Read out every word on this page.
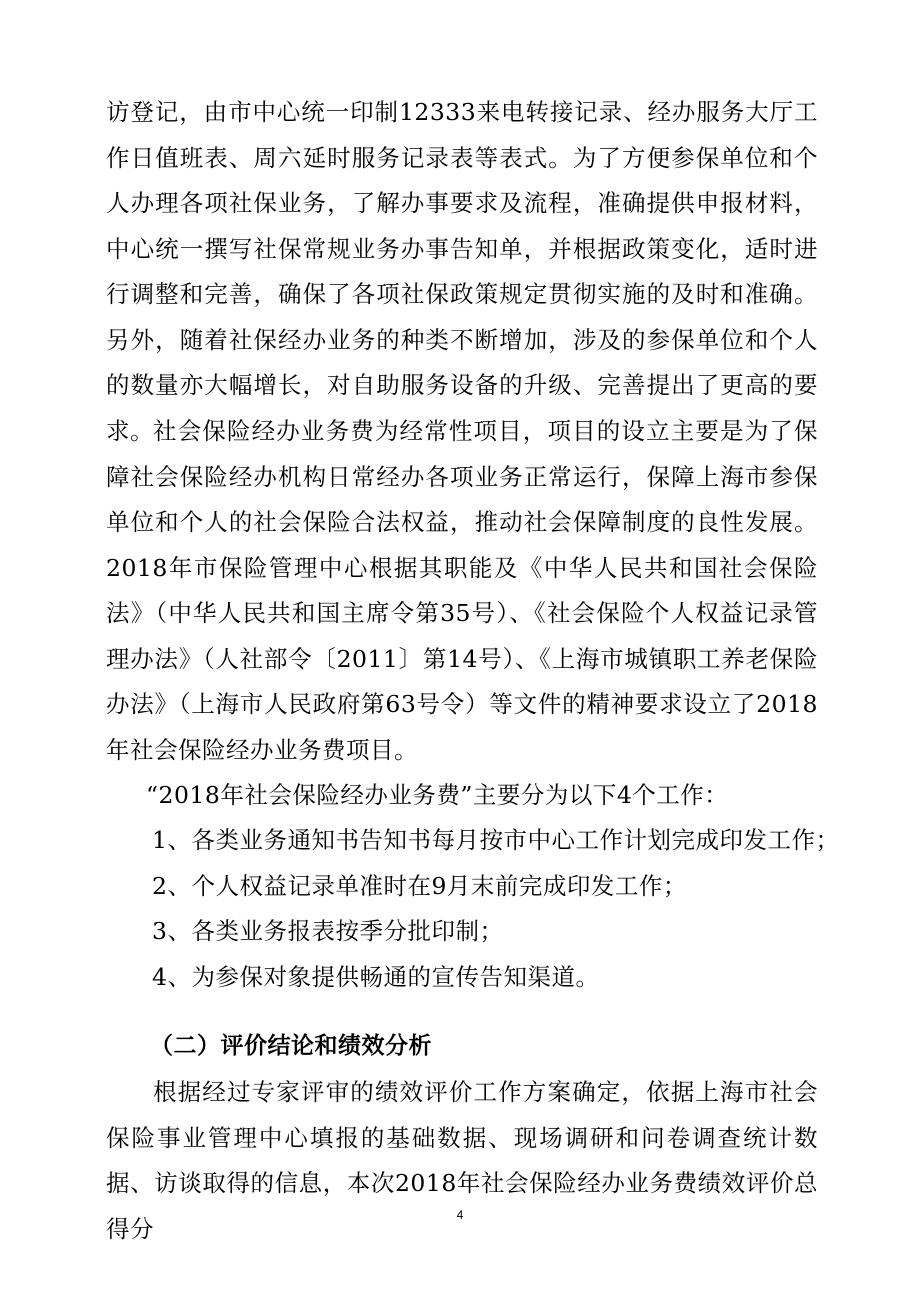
访登记，由市中心统一印制12333来电转接记录、经办服务大厅工作日值班表、周六延时服务记录表等表式。为了方便参保单位和个人办理各项社保业务，了解办事要求及流程，准确提供申报材料，中心统一撰写社保常规业务办事告知单，并根据政策变化，适时进行调整和完善，确保了各项社保政策规定贯彻实施的及时和准确。另外，随着社保经办业务的种类不断增加，涉及的参保单位和个人的数量亦大幅增长，对自助服务设备的升级、完善提出了更高的要求。 社会保险经办业务费为经常性项目，项目的设立主要是为了保障社会保险经办机构日常经办各项业务正常运行，保障上海市参保单位和个人的社会保险合法权益，推动社会保障制度的良性发展。2018年市保险管理中心根据其职能及《中华人民共和国社会保险法》（中华人民共和国主席令第35号）、《社会保险个人权益记录管理办法》（人社部令〔2011〕第14号）、《上海市城镇职工养老保险办法》（上海市人民政府第63号令）等文件的精神要求设立了2018年社会保险经办业务费项目。

“2018年社会保险经办业务费”主要分为以下4个工作：

1、各类业务通知书告知书每月按市中心工作计划完成印发工作；

2、个人权益记录单准时在9月末前完成印发工作；

3、各类业务报表按季分批印制；

4、为参保对象提供畅通的宣传告知渠道。

（二）评价结论和绩效分析

根据经过专家评审的绩效评价工作方案确定，依据上海市社会保险事业管理中心填报的基础数据、现场调研和问卷调查统计数据、访谈取得的信息，本次2018年社会保险经办业务费绩效评价总得分	4
